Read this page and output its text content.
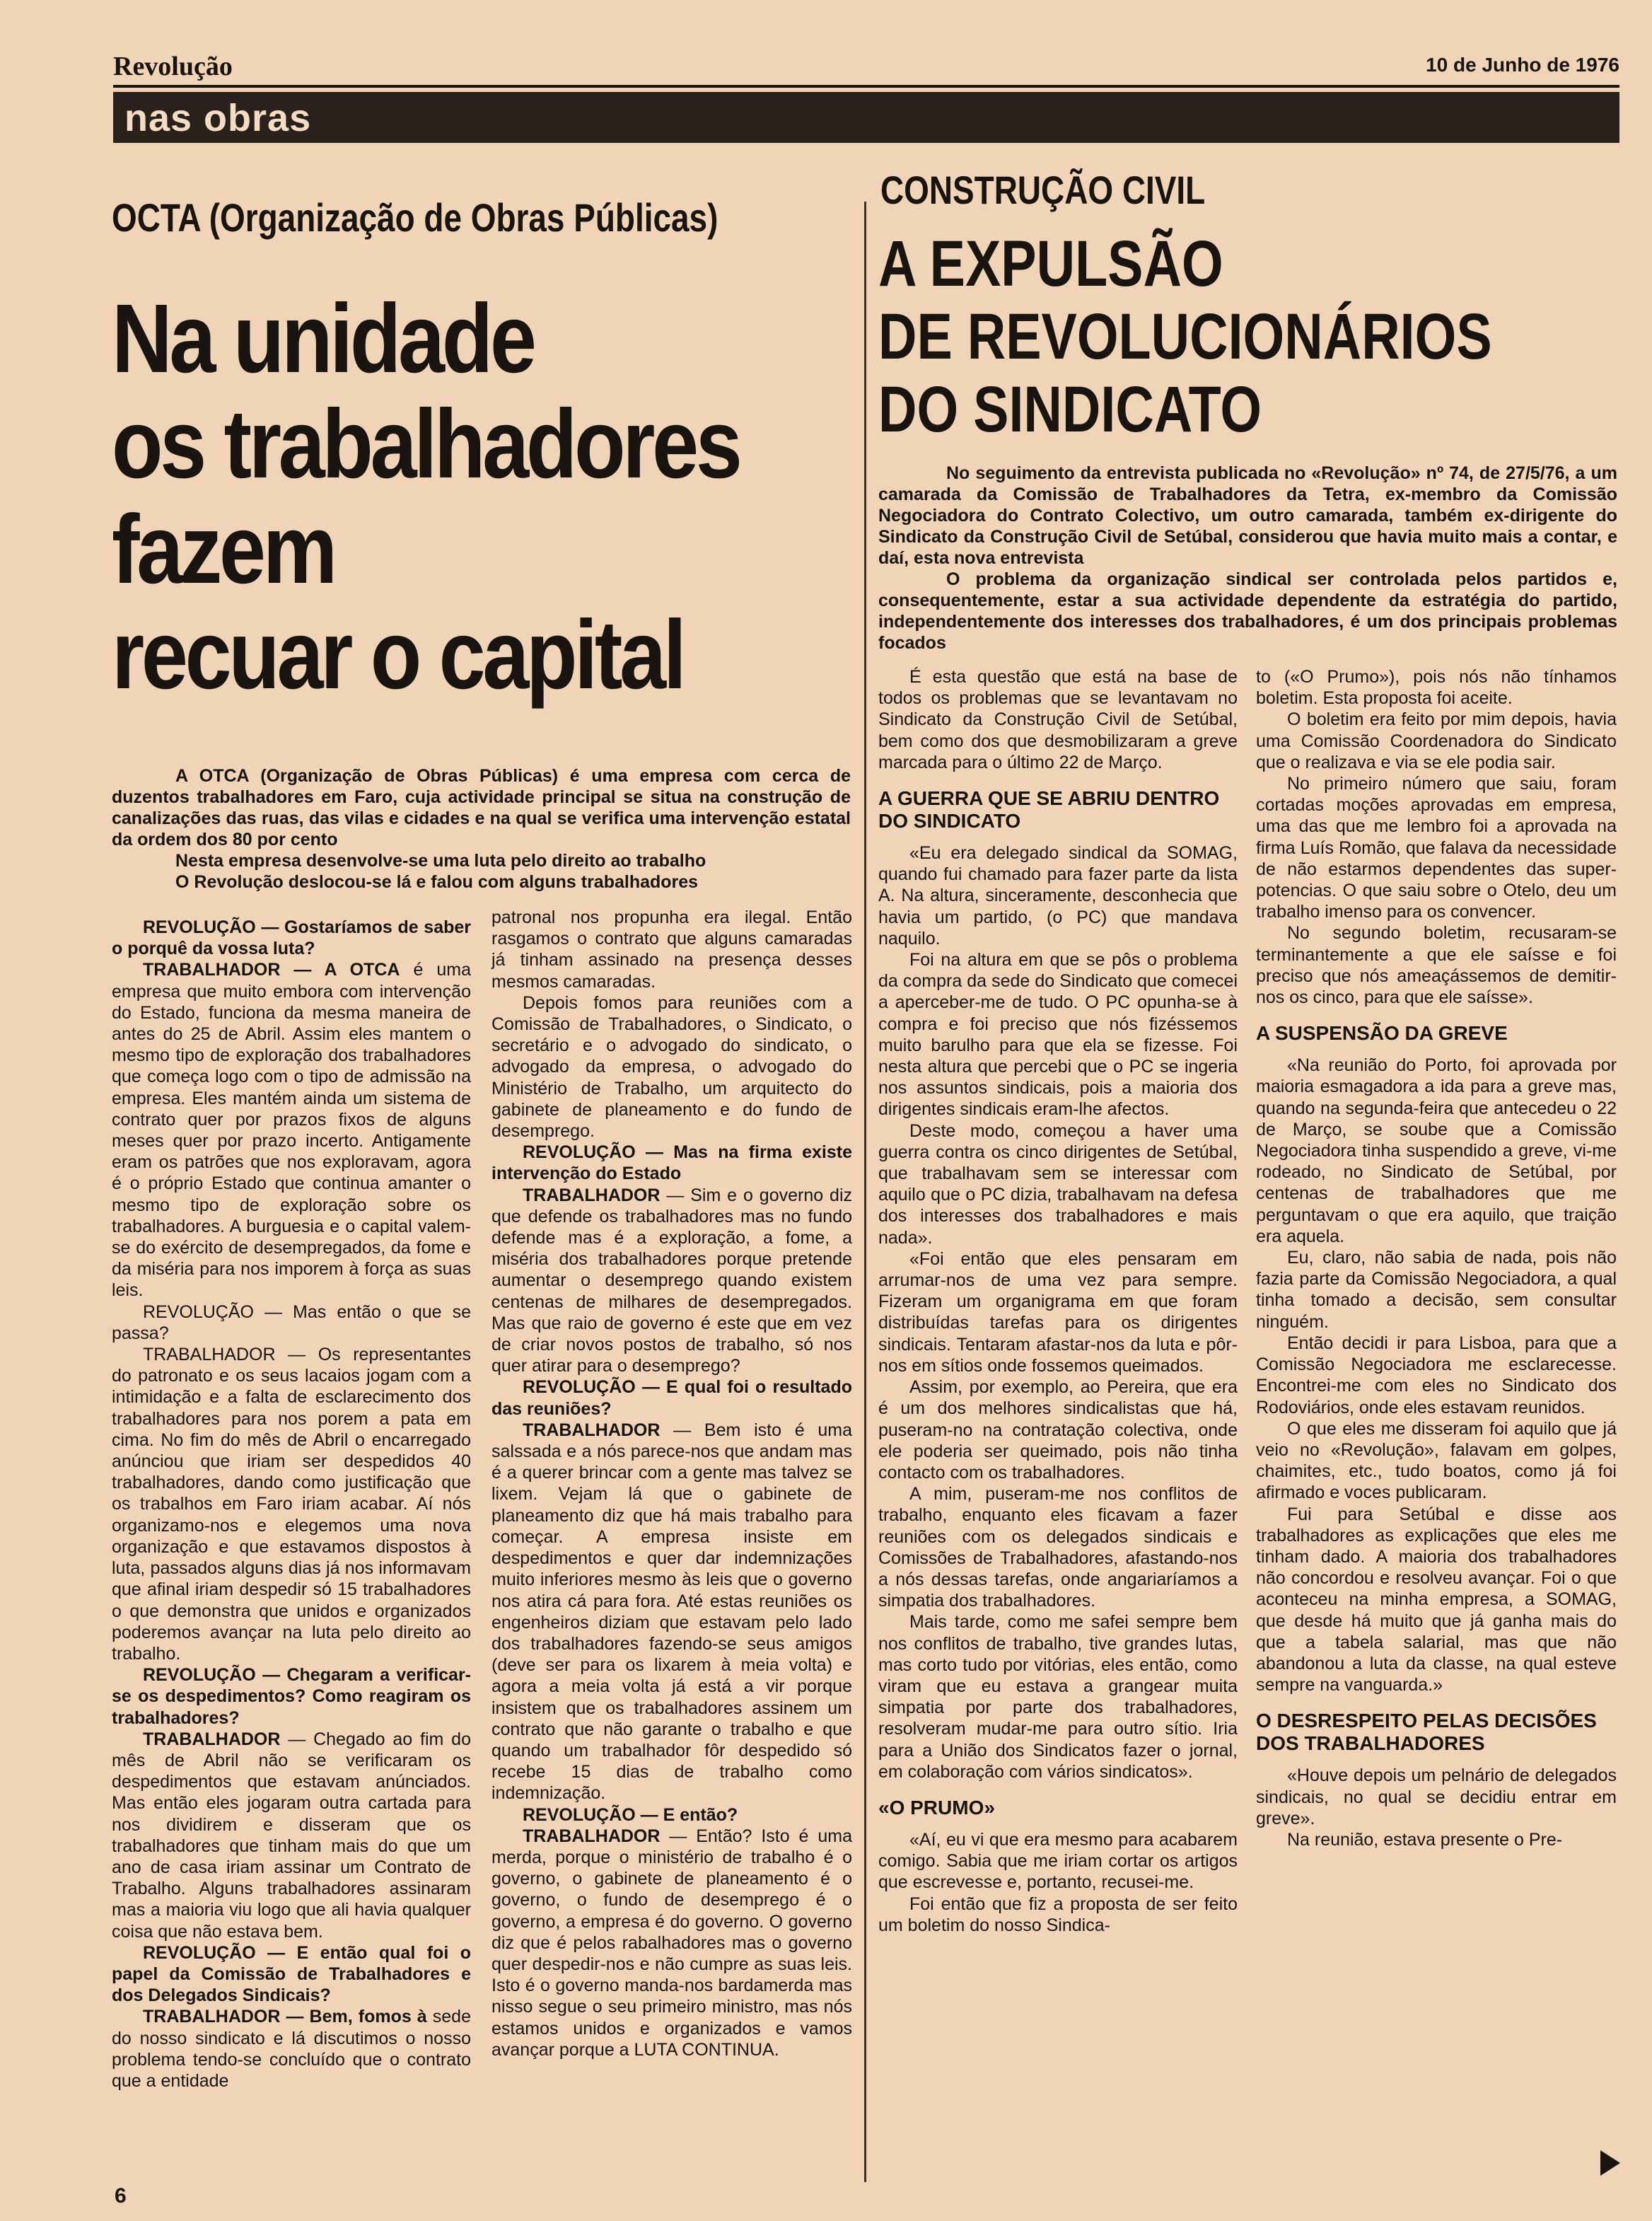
Revolução	10 de Junho de 1976
nas obras
OCTA (Organização de Obras Públicas)
Na unidade
os trabalhadores
fazem
recuar o capital

A OTCA (Organização de Obras Públicas) é uma empresa com cerca de duzentos trabalhadores em Faro, cuja actividade principal se situa na construção de canalizações das ruas, das vilas e cidades e na qual se verifica uma intervenção estatal da ordem dos 80 por cento

Nesta empresa desenvolve-se uma luta pelo direito ao trabalho

O Revolução deslocou-se lá e falou com alguns trabalhadores

REVOLUÇÃO — Gostaríamos de saber o porquê da vossa luta?

TRABALHADOR — A OTCA é uma empresa que muito embora com intervenção do Estado, funciona da mesma maneira de antes do 25 de Abril. Assim eles mantem o mesmo tipo de exploração dos trabalhadores que começa logo com o tipo de admissão na empresa. Eles mantém ainda um sistema de contrato quer por prazos fixos de alguns meses quer por prazo incerto. Antigamente eram os patrões que nos exploravam, agora é o próprio Estado que continua amanter o mesmo tipo de exploração sobre os trabalhadores. A burguesia e o capital valem-se do exército de desempregados, da fome e da miséria para nos imporem à força as suas leis.

REVOLUÇÃO — Mas então o que se passa?

TRABALHADOR — Os representantes do patronato e os seus lacaios jogam com a intimidação e a falta de esclarecimento dos trabalhadores para nos porem a pata em cima. No fim do mês de Abril o encarregado anúnciou que iriam ser despedidos 40 trabalhadores, dando como justificação que os trabalhos em Faro iriam acabar. Aí nós organizamo-nos e elegemos uma nova organização e que estavamos dispostos à luta, passados alguns dias já nos informavam que afinal iriam despedir só 15 trabalhadores o que demonstra que unidos e organizados poderemos avançar na luta pelo direito ao trabalho.

REVOLUÇÃO — Chegaram a verificar-se os despedimentos? Como reagiram os trabalhadores?

TRABALHADOR — Chegado ao fim do mês de Abril não se verificaram os despedimentos que estavam anúnciados. Mas então eles jogaram outra cartada para nos dividirem e disseram que os trabalhadores que tinham mais do que um ano de casa iriam assinar um Contrato de Trabalho. Alguns trabalhadores assinaram mas a maioria viu logo que ali havia qualquer coisa que não estava bem.

REVOLUÇÃO — E então qual foi o papel da Comissão de Trabalhadores e dos Delegados Sindicais?

TRABALHADOR — Bem, fomos à sede do nosso sindicato e lá discutimos o nosso problema tendo-se concluído que o contrato que a entidade

patronal nos propunha era ilegal. Então rasgamos o contrato que alguns camaradas já tinham assinado na presença desses mesmos camaradas.

Depois fomos para reuniões com a Comissão de Trabalhadores, o Sindicato, o secretário e o advogado do sindicato, o advogado da empresa, o advogado do Ministério de Trabalho, um arquitecto do gabinete de planeamento e do fundo de desemprego.

REVOLUÇÃO — Mas na firma existe intervenção do Estado

TRABALHADOR — Sim e o governo diz que defende os trabalhadores mas no fundo defende mas é a exploração, a fome, a miséria dos trabalhadores porque pretende aumentar o desemprego quando existem centenas de milhares de desempregados. Mas que raio de governo é este que em vez de criar novos postos de trabalho, só nos quer atirar para o desemprego?

REVOLUÇÃO — E qual foi o resultado das reuniões?

TRABALHADOR — Bem isto é uma salssada e a nós parece-nos que andam mas é a querer brincar com a gente mas talvez se lixem. Vejam lá que o gabinete de planeamento diz que há mais trabalho para começar. A empresa insiste em despedimentos e quer dar indemnizações muito inferiores mesmo às leis que o governo nos atira cá para fora. Até estas reuniões os engenheiros diziam que estavam pelo lado dos trabalhadores fazendo-se seus amigos (deve ser para os lixarem à meia volta) e agora a meia volta já está a vir porque insistem que os trabalhadores assinem um contrato que não garante o trabalho e que quando um trabalhador fôr despedido só recebe 15 dias de trabalho como indemnização.

REVOLUÇÃO — E então?

TRABALHADOR — Então? Isto é uma merda, porque o ministério de trabalho é o governo, o gabinete de planeamento é o governo, o fundo de desemprego é o governo, a empresa é do governo. O governo diz que é pelos rabalhadores mas o governo quer despedir-nos e não cumpre as suas leis. Isto é o governo manda-nos bardamerda mas nisso segue o seu primeiro ministro, mas nós estamos unidos e organizados e vamos avançar porque a LUTA CONTINUA.

CONSTRUÇÃO CIVIL
A EXPULSÃO
DE REVOLUCIONÁRIOS
DO SINDICATO

No seguimento da entrevista publicada no «Revolução» nº 74, de 27/5/76, a um camarada da Comissão de Trabalhadores da Tetra, ex-membro da Comissão Negociadora do Contrato Colectivo, um outro camarada, também ex-dirigente do Sindicato da Construção Civil de Setúbal, considerou que havia muito mais a contar, e daí, esta nova entrevista

O problema da organização sindical ser controlada pelos partidos e, consequentemente, estar a sua actividade dependente da estratégia do partido, independentemente dos interesses dos trabalhadores, é um dos principais problemas focados

É esta questão que está na base de todos os problemas que se levantavam no Sindicato da Construção Civil de Setúbal, bem como dos que desmobilizaram a greve marcada para o último 22 de Março.

A GUERRA QUE SE ABRIU DENTRO DO SINDICATO

«Eu era delegado sindical da SOMAG, quando fui chamado para fazer parte da lista A. Na altura, sinceramente, desconhecia que havia um partido, (o PC) que mandava naquilo.

Foi na altura em que se pôs o problema da compra da sede do Sindicato que comecei a aperceber-me de tudo. O PC opunha-se à compra e foi preciso que nós fizéssemos muito barulho para que ela se fizesse. Foi nesta altura que percebi que o PC se ingeria nos assuntos sindicais, pois a maioria dos dirigentes sindicais eram-lhe afectos.

Deste modo, começou a haver uma guerra contra os cinco dirigentes de Setúbal, que trabalhavam sem se interessar com aquilo que o PC dizia, trabalhavam na defesa dos interesses dos trabalhadores e mais nada».

«Foi então que eles pensaram em arrumar-nos de uma vez para sempre. Fizeram um organigrama em que foram distribuídas tarefas para os dirigentes sindicais. Tentaram afastar-nos da luta e pôr-nos em sítios onde fossemos queimados.

Assim, por exemplo, ao Pereira, que era é um dos melhores sindicalistas que há, puseram-no na contratação colectiva, onde ele poderia ser queimado, pois não tinha contacto com os trabalhadores.

A mim, puseram-me nos conflitos de trabalho, enquanto eles ficavam a fazer reuniões com os delegados sindicais e Comissões de Trabalhadores, afastando-nos a nós dessas tarefas, onde angariaríamos a simpatia dos trabalhadores.

Mais tarde, como me safei sempre bem nos conflitos de trabalho, tive grandes lutas, mas corto tudo por vitórias, eles então, como viram que eu estava a grangear muita simpatia por parte dos trabalhadores, resolveram mudar-me para outro sítio. Iria para a União dos Sindicatos fazer o jornal, em colaboração com vários sindicatos».

«O PRUMO»

«Aí, eu vi que era mesmo para acabarem comigo. Sabia que me iriam cortar os artigos que escrevesse e, portanto, recusei-me.

Foi então que fiz a proposta de ser feito um boletim do nosso Sindica-

to («O Prumo»), pois nós não tínhamos boletim. Esta proposta foi aceite.

O boletim era feito por mim depois, havia uma Comissão Coordenadora do Sindicato que o realizava e via se ele podia sair.

No primeiro número que saiu, foram cortadas moções aprovadas em empresa, uma das que me lembro foi a aprovada na firma Luís Romão, que falava da necessidade de não estarmos dependentes das super-potencias. O que saiu sobre o Otelo, deu um trabalho imenso para os convencer.

No segundo boletim, recusaram-se terminantemente a que ele saísse e foi preciso que nós ameaçássemos de demitir-nos os cinco, para que ele saísse».

A SUSPENSÃO DA GREVE

«Na reunião do Porto, foi aprovada por maioria esmagadora a ida para a greve mas, quando na segunda-feira que antecedeu o 22 de Março, se soube que a Comissão Negociadora tinha suspendido a greve, vi-me rodeado, no Sindicato de Setúbal, por centenas de trabalhadores que me perguntavam o que era aquilo, que traição era aquela.

Eu, claro, não sabia de nada, pois não fazia parte da Comissão Negociadora, a qual tinha tomado a decisão, sem consultar ninguém.

Então decidi ir para Lisboa, para que a Comissão Negociadora me esclarecesse. Encontrei-me com eles no Sindicato dos Rodoviários, onde eles estavam reunidos.

O que eles me disseram foi aquilo que já veio no «Revolução», falavam em golpes, chaimites, etc., tudo boatos, como já foi afirmado e voces publicaram.

Fui para Setúbal e disse aos trabalhadores as explicações que eles me tinham dado. A maioria dos trabalhadores não concordou e resolveu avançar. Foi o que aconteceu na minha empresa, a SOMAG, que desde há muito que já ganha mais do que a tabela salarial, mas que não abandonou a luta da classe, na qual esteve sempre na vanguarda.»

O DESRESPEITO PELAS DECISÕES DOS TRABALHADORES

«Houve depois um pelnário de delegados sindicais, no qual se decidiu entrar em greve».

Na reunião, estava presente o Pre-

6
